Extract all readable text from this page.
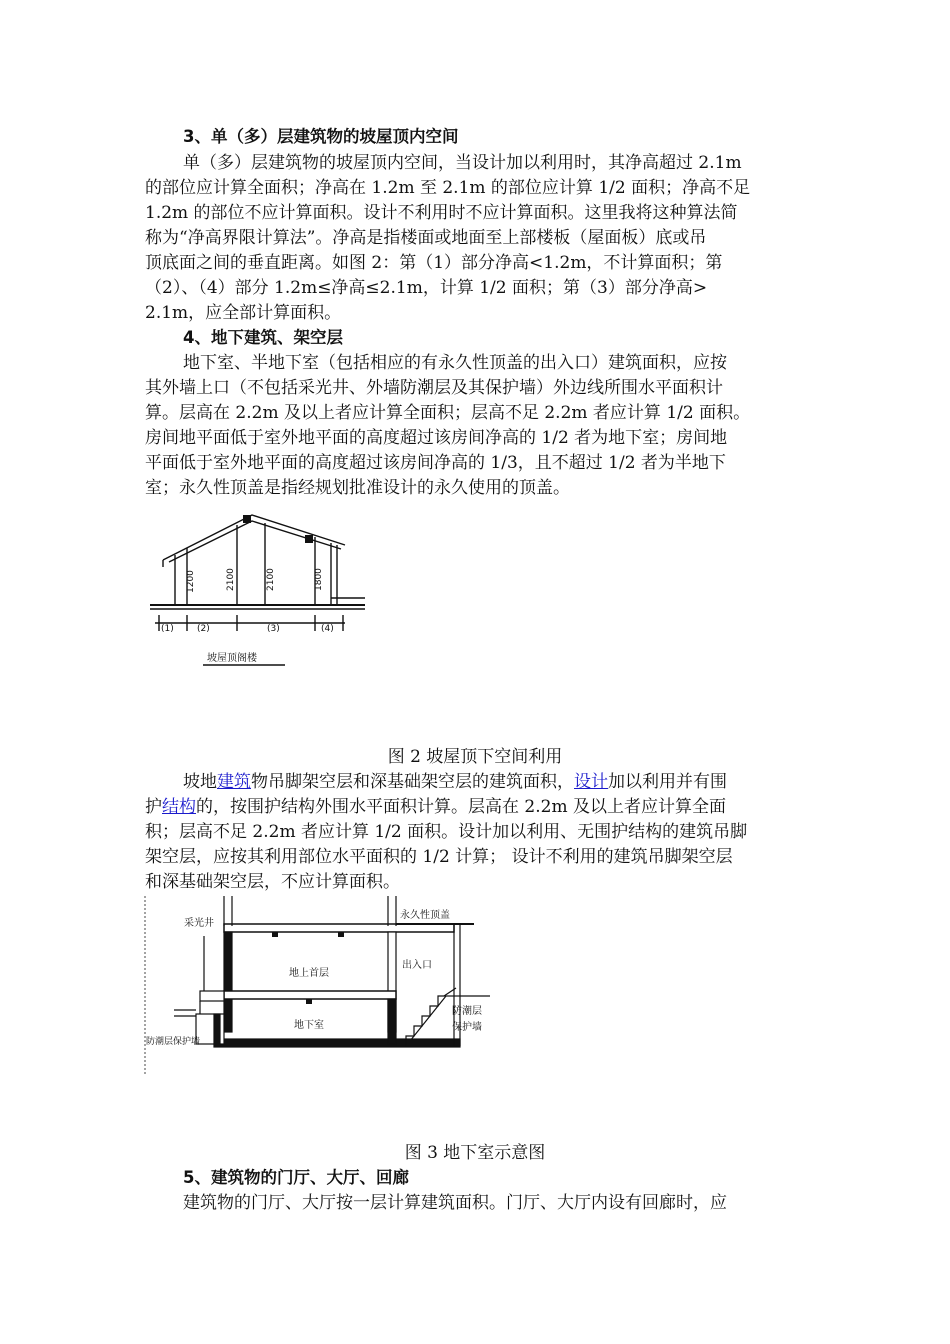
3、单（多）层建筑物的坡屋顶内空间
单（多）层建筑物的坡屋顶内空间，当设计加以利用时，其净高超过 2.1m
的部位应计算全面积；净高在 1.2m 至 2.1m 的部位应计算 1/2 面积；净高不足
1.2m 的部位不应计算面积。设计不利用时不应计算面积。这里我将这种算法简
称为“净高界限计算法”。净高是指楼面或地面至上部楼板（屋面板）底或吊
顶底面之间的垂直距离。如图 2：第（1）部分净高<1.2m，不计算面积；第
（2）、（4）部分 1.2m≤净高≤2.1m，计算 1/2 面积；第（3）部分净高>
2.1m，应全部计算面积。
4、地下建筑、架空层
地下室、半地下室（包括相应的有永久性顶盖的出入口）建筑面积，应按
其外墙上口（不包括采光井、外墙防潮层及其保护墙）外边线所围水平面积计
算。层高在 2.2m 及以上者应计算全面积；层高不足 2.2m 者应计算 1/2 面积。
房间地平面低于室外地平面的高度超过该房间净高的 1/2 者为地下室；房间地
平面低于室外地平面的高度超过该房间净高的 1/3，且不超过 1/2 者为半地下
室；永久性顶盖是指经规划批准设计的永久使用的顶盖。
1200	2100	2100	1800
(1)	(2)	(3)	(4)
坡屋顶阁楼
图 2 坡屋顶下空间利用
坡地建筑物吊脚架空层和深基础架空层的建筑面积，设计加以利用并有围
护结构的，按围护结构外围水平面积计算。层高在 2.2m 及以上者应计算全面
积；层高不足 2.2m 者应计算 1/2 面积。设计加以利用、无围护结构的建筑吊脚
架空层，应按其利用部位水平面积的 1/2 计算； 设计不利用的建筑吊脚架空层
和深基础架空层，不应计算面积。
永久性顶盖
出入口
采光井
地上首层
地下室
防潮层
保护墙
防潮层保护墙
图 3 地下室示意图
5、建筑物的门厅、大厅、回廊
建筑物的门厅、大厅按一层计算建筑面积。门厅、大厅内设有回廊时，应
